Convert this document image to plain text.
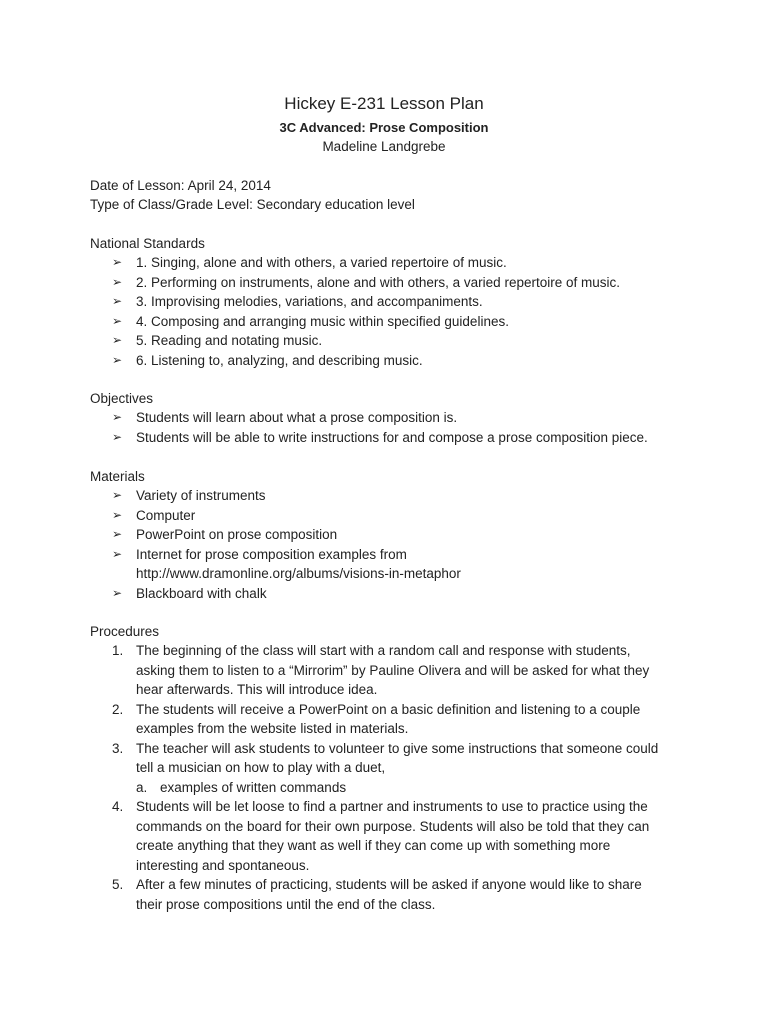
Hickey E-231 Lesson Plan
3C Advanced: Prose Composition
Madeline Landgrebe
Date of Lesson: April 24, 2014
Type of Class/Grade Level: Secondary education level
National Standards
➢ 1. Singing, alone and with others, a varied repertoire of music.
➢ 2. Performing on instruments, alone and with others, a varied repertoire of music.
➢ 3. Improvising melodies, variations, and accompaniments.
➢ 4. Composing and arranging music within specified guidelines.
➢ 5. Reading and notating music.
➢ 6. Listening to, analyzing, and describing music.
Objectives
➢ Students will learn about what a prose composition is.
➢ Students will be able to write instructions for and compose a prose composition piece.
Materials
➢ Variety of instruments
➢ Computer
➢ PowerPoint on prose composition
➢ Internet for prose composition examples from
http://www.dramonline.org/albums/visions-in-metaphor
➢ Blackboard with chalk
Procedures
1. The beginning of the class will start with a random call and response with students,
asking them to listen to a “Mirrorim” by Pauline Olivera and will be asked for what they
hear afterwards. This will introduce idea.
2. The students will receive a PowerPoint on a basic definition and listening to a couple
examples from the website listed in materials.
3. The teacher will ask students to volunteer to give some instructions that someone could
tell a musician on how to play with a duet,
a. examples of written commands
4. Students will be let loose to find a partner and instruments to use to practice using the
commands on the board for their own purpose. Students will also be told that they can
create anything that they want as well if they can come up with something more
interesting and spontaneous.
5. After a few minutes of practicing, students will be asked if anyone would like to share
their prose compositions until the end of the class.
